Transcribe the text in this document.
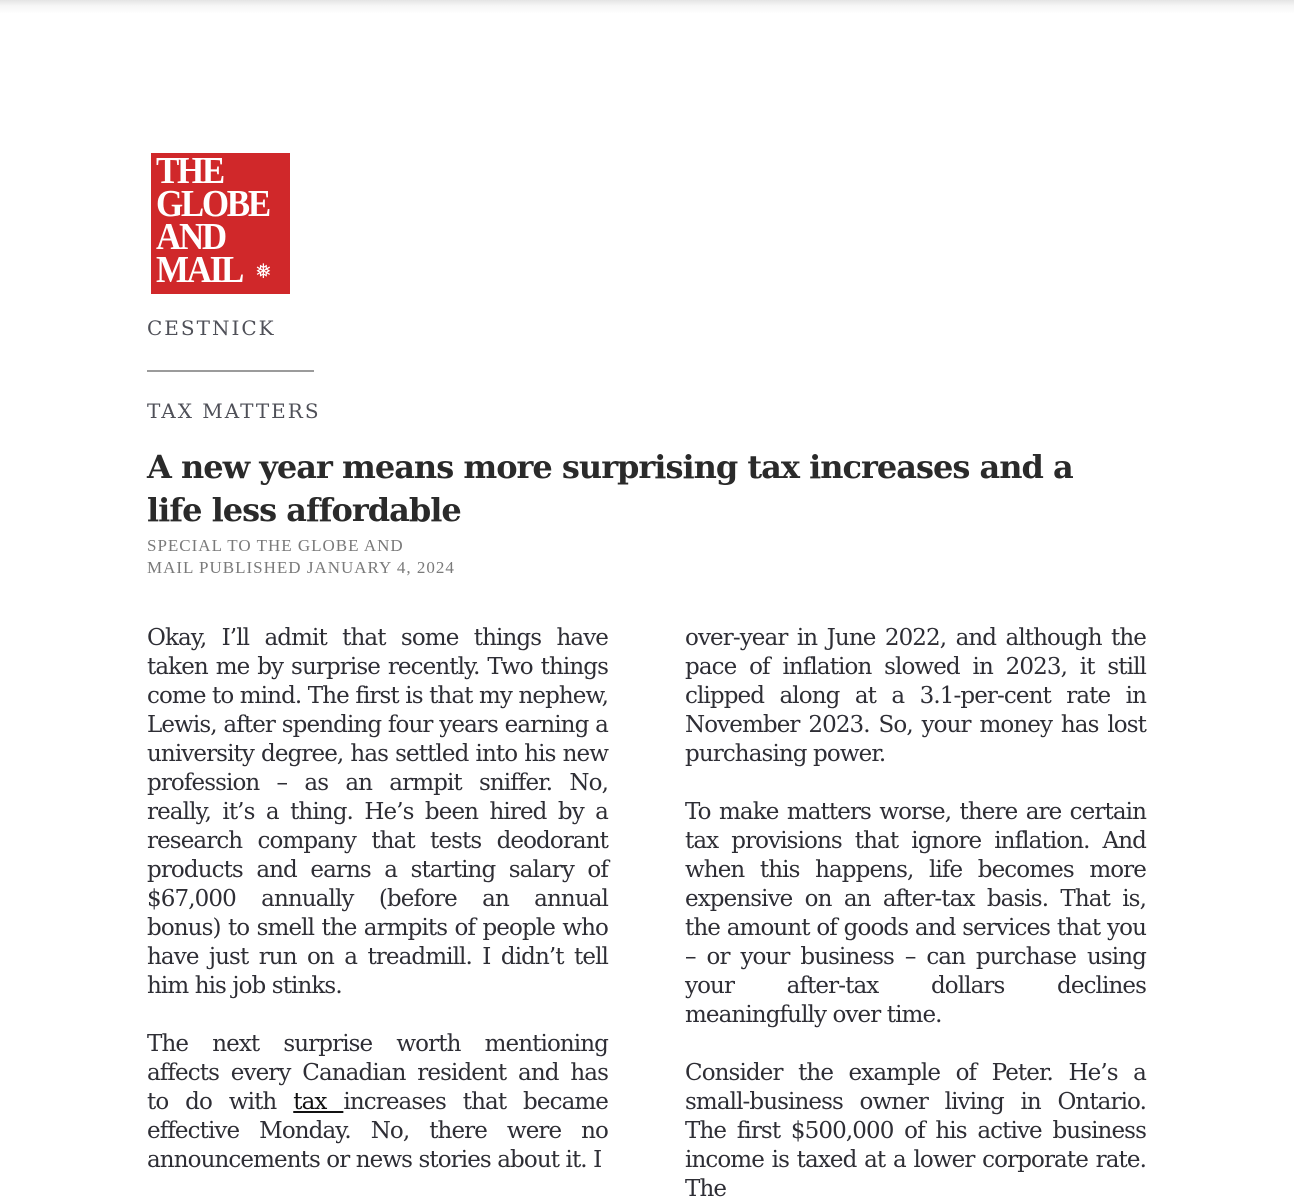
THE
GLOBE
AND
MAIL ❅
CESTNICK
TAX MATTERS
A new year means more surprising tax increases and a life less affordable
SPECIAL TO THE GLOBE AND
MAIL PUBLISHED JANUARY 4, 2024

Okay, I’ll admit that some things have taken me by surprise recently. Two things come to mind. The first is that my nephew, Lewis, after spending four years earning a university degree, has settled into his new profession – as an armpit sniffer. No, really, it’s a thing. He’s been hired by a research company that tests deodorant products and earns a starting salary of $67,000 annually (before an annual bonus) to smell the armpits of people who have just run on a treadmill. I didn’t tell him his job stinks.

The next surprise worth mentioning affects every Canadian resident and has to do with tax increases that became effective Monday. No, there were no announcements or news stories about it. I

over-year in June 2022, and although the pace of inflation slowed in 2023, it still clipped along at a 3.1-per-cent rate in November 2023. So, your money has lost purchasing power.

To make matters worse, there are certain tax provisions that ignore inflation. And when this happens, life becomes more expensive on an after-tax basis. That is, the amount of goods and services that you – or your business – can purchase using your after-tax dollars declines meaningfully over time.

Consider the example of Peter. He’s a small-business owner living in Ontario. The first $500,000 of his active business income is taxed at a lower corporate rate. The
